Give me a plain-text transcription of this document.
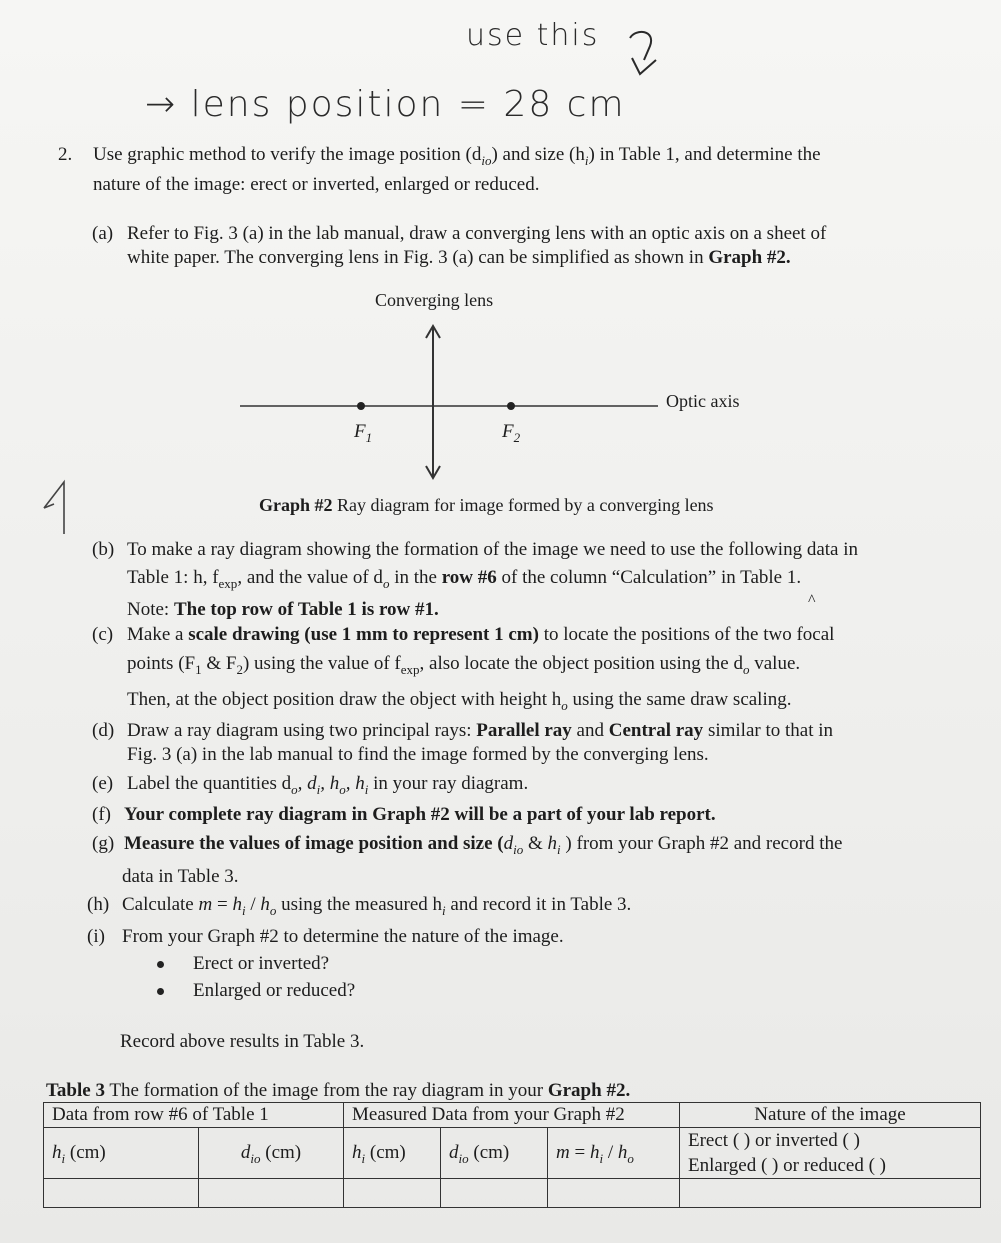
use this
→ lens position = 28 cm
2. Use graphic method to verify the image position $(d_{io})$ and size $(h_i)$ in Table 1, and determine the
nature of the image: erect or inverted, enlarged or reduced.
(a) Refer to Fig. 3 (a) in the lab manual, draw a converging lens with an optic axis on a sheet of
white paper. The converging lens in Fig. 3 (a) can be simplified as shown in Graph #2.
Converging lens
Optic axis
$F_1$	$F_2$
Graph #2 Ray diagram for image formed by a converging lens
(b) To make a ray diagram showing the formation of the image we need to use the following data in
Table 1: h, $f_{exp}$, and the value of $d_o$ in the row #6 of the column “Calculation” in Table 1.
Note: The top row of Table 1 is row #1.	^
(c) Make a scale drawing (use 1 mm to represent 1 cm) to locate the positions of the two focal
points ($F_1$ & $F_2$) using the value of $f_{exp}$, also locate the object position using the $d_o$ value.
Then, at the object position draw the object with height $h_o$ using the same draw scaling.
(d) Draw a ray diagram using two principal rays: Parallel ray and Central ray similar to that in
Fig. 3 (a) in the lab manual to find the image formed by the converging lens.
(e) Label the quantities $d_o$, $d_i$, $h_o$, $h_i$ in your ray diagram.
(f) Your complete ray diagram in Graph #2 will be a part of your lab report.
(g) Measure the values of image position and size ($d_{io}$ & $h_i$ ) from your Graph #2 and record the
data in Table 3.
(h) Calculate $m = h_i / h_o$ using the measured $h_i$ and record it in Table 3.
(i) From your Graph #2 to determine the nature of the image.
Erect or inverted?
Enlarged or reduced?
Record above results in Table 3.
Table 3 The formation of the image from the ray diagram in your Graph #2.
Data from row #6 of Table 1		Measured Data from your Graph #2			Nature of the image
$h_i$ (cm)	$d_{io}$ (cm)	$h_i$ (cm)	$d_{io}$ (cm)	$m = h_i / h_o$	Erect ( ) or inverted ( )
Enlarged ( ) or reduced ( )
